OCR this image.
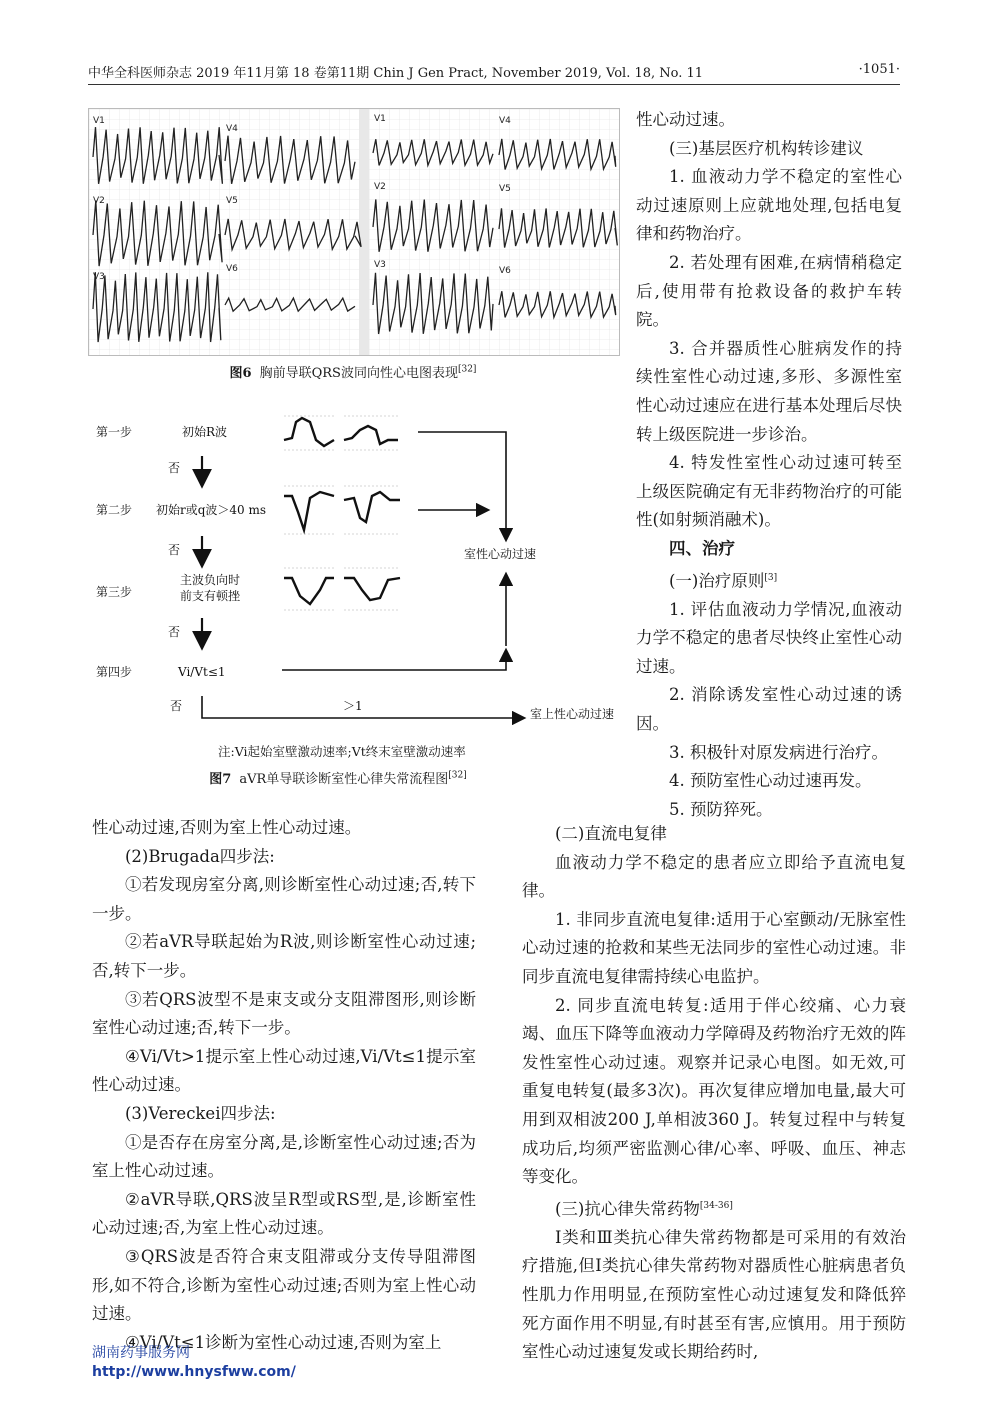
中华全科医师杂志 2019 年11月第 18 卷第11期 Chin J Gen Pract, November 2019, Vol. 18, No. 11	·1051·
V1
V2
V3
V4
V5
V6
V1
V2
V3
V4
V5
V6
图6 胸前导联QRS波同向性心电图表现[32]
第一步
第二步
第三步
第四步
初始R波
初始r或q波＞40 ms
主波负向时
前支有顿挫
Vi/Vt≤1
否
否
否
否	＞1
室性心动过速
室上性心动过速
注:Vi起始室壁激动速率;Vt终末室壁激动速率
图7 aVR单导联诊断室性心律失常流程图[32]

性心动过速。

(三)基层医疗机构转诊建议

1. 血液动力学不稳定的室性心动过速原则上应就地处理,包括电复律和药物治疗。

2. 若处理有困难,在病情稍稳定后,使用带有抢救设备的救护车转院。

3. 合并器质性心脏病发作的持续性室性心动过速,多形、多源性室性心动过速应在进行基本处理后尽快转上级医院进一步诊治。

4. 特发性室性心动过速可转至上级医院确定有无非药物治疗的可能性(如射频消融术)。

四、治疗

(一)治疗原则[3]

1. 评估血液动力学情况,血液动力学不稳定的患者尽快终止室性心动过速。

2. 消除诱发室性心动过速的诱因。

3. 积极针对原发病进行治疗。

4. 预防室性心动过速再发。

5. 预防猝死。

性心动过速,否则为室上性心动过速。

(2)Brugada四步法:

①若发现房室分离,则诊断室性心动过速;否,转下一步。

②若aVR导联起始为R波,则诊断室性心动过速;否,转下一步。

③若QRS波型不是束支或分支阻滞图形,则诊断室性心动过速;否,转下一步。

④Vi/Vt>1提示室上性心动过速,Vi/Vt≤1提示室性心动过速。

(3)Vereckei四步法:

①是否存在房室分离,是,诊断室性心动过速;否为室上性心动过速。

②aVR导联,QRS波呈R型或RS型,是,诊断室性心动过速;否,为室上性心动过速。

③QRS波是否符合束支阻滞或分支传导阻滞图形,如不符合,诊断为室性心动过速;否则为室上性心动过速。

④Vi/Vt≤1诊断为室性心动过速,否则为室上

(二)直流电复律

血液动力学不稳定的患者应立即给予直流电复律。

1. 非同步直流电复律:适用于心室颤动/无脉室性心动过速的抢救和某些无法同步的室性心动过速。非同步直流电复律需持续心电监护。

2. 同步直流电转复:适用于伴心绞痛、心力衰竭、血压下降等血液动力学障碍及药物治疗无效的阵发性室性心动过速。观察并记录心电图。如无效,可重复电转复(最多3次)。再次复律应增加电量,最大可用到双相波200 J,单相波360 J。转复过程中与转复成功后,均须严密监测心律/心率、呼吸、血压、神志等变化。

(三)抗心律失常药物[34-36]

Ⅰ类和Ⅲ类抗心律失常药物都是可采用的有效治疗措施,但Ⅰ类抗心律失常药物对器质性心脏病患者负性肌力作用明显,在预防室性心动过速复发和降低猝死方面作用不明显,有时甚至有害,应慎用。用于预防室性心动过速复发或长期给药时,

湖南药事服务网
http://www.hnysfww.com/
